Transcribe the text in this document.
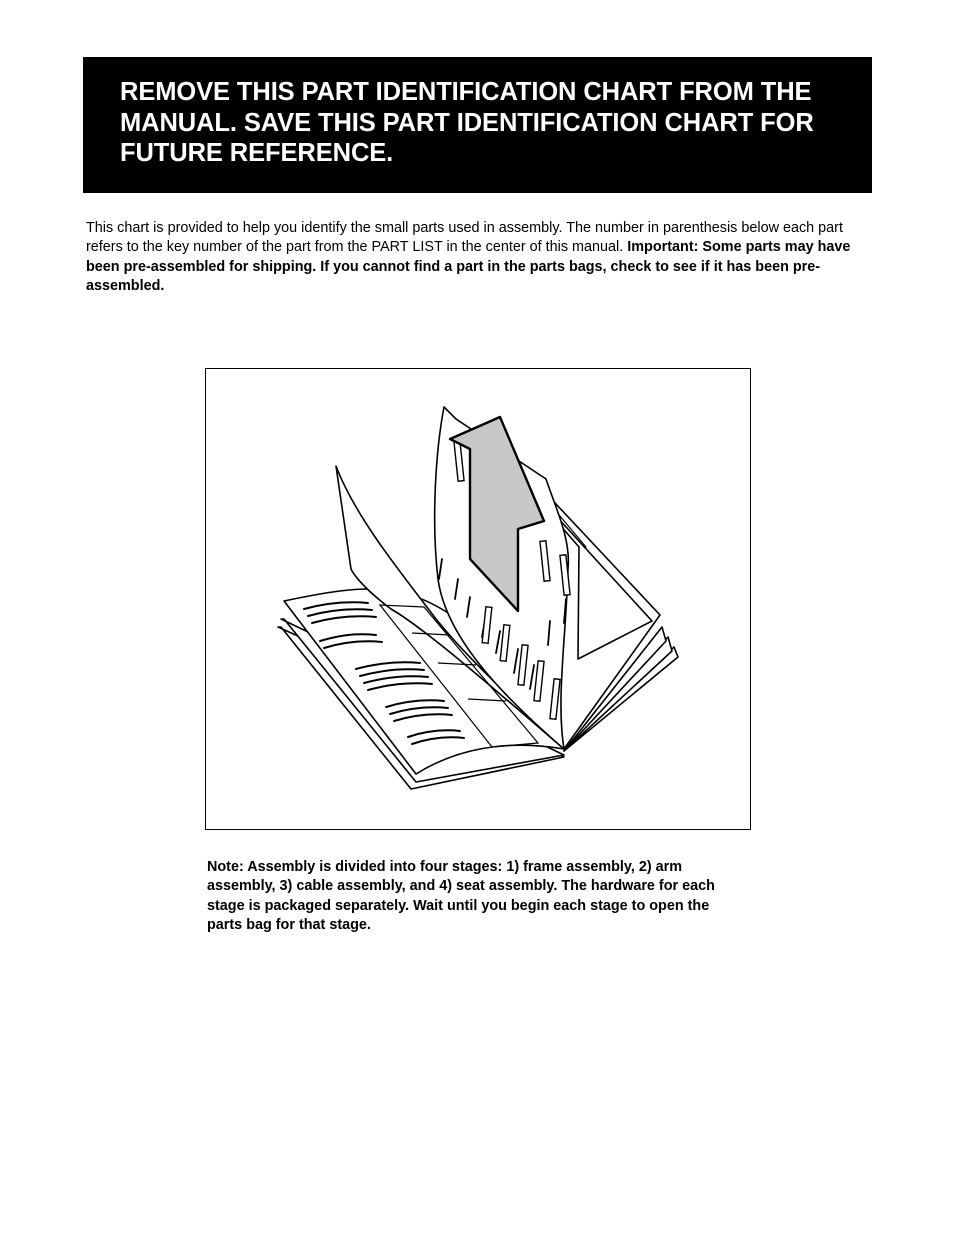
REMOVE THIS PART IDENTIFICATION CHART FROM THE MANUAL. SAVE THIS PART IDENTIFICATION CHART FOR FUTURE REFERENCE.

This chart is provided to help you identify the small parts used in assembly. The number in parenthesis below each part refers to the key number of the part from the PART LIST in the center of this manual. Important: Some parts may have been pre-assembled for shipping. If you cannot find a part in the parts bags, check to see if it has been pre-assembled.

Note: Assembly is divided into four stages: 1) frame assembly, 2) arm assembly, 3) cable assembly, and 4) seat assembly. The hardware for each stage is packaged separately. Wait until you begin each stage to open the parts bag for that stage.
